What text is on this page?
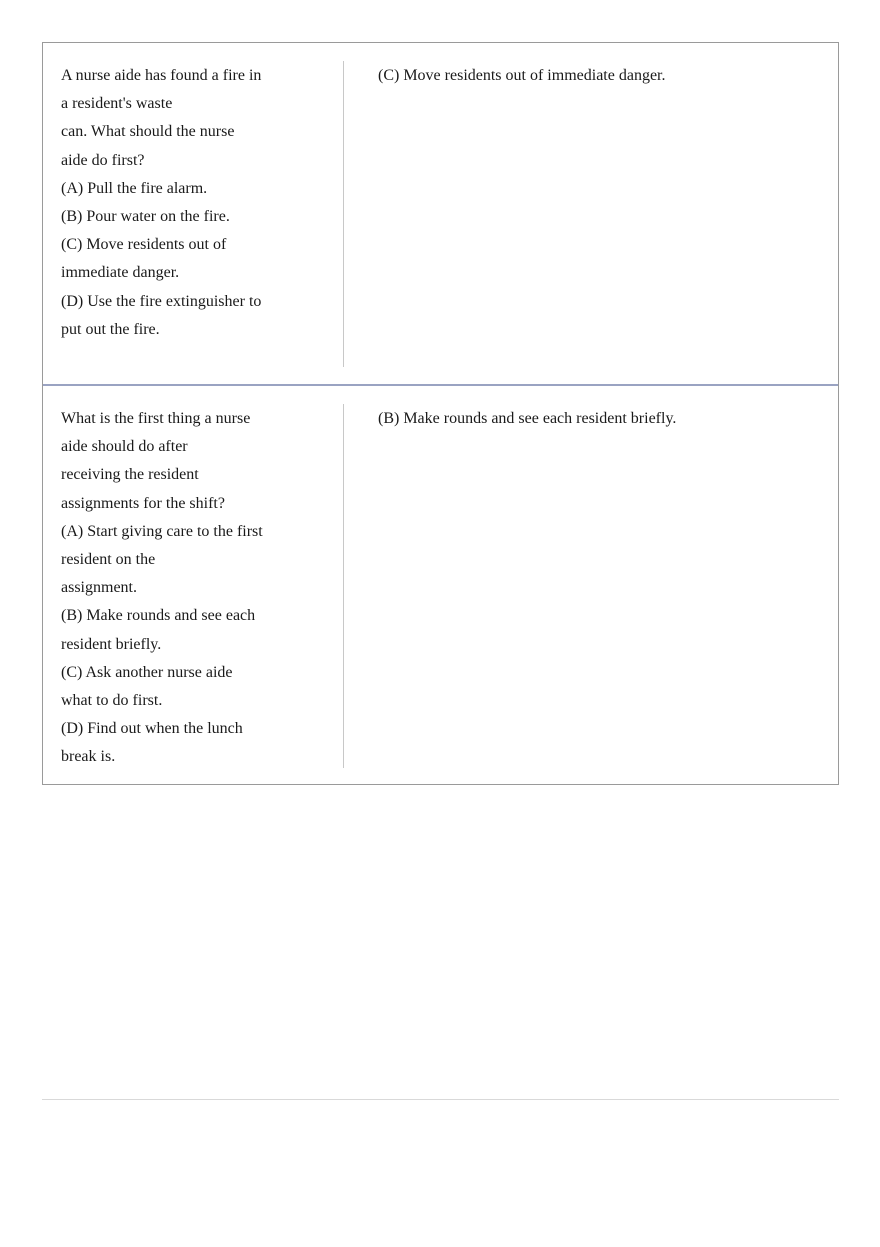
A nurse aide has found a fire in
a resident's waste
can. What should the nurse
aide do first?
(A) Pull the fire alarm.
(B) Pour water on the fire.
(C) Move residents out of
immediate danger.
(D) Use the fire extinguisher to
put out the fire.

(C) Move residents out of immediate danger.

What is the first thing a nurse
aide should do after
receiving the resident
assignments for the shift?
(A) Start giving care to the first
resident on the
assignment.
(B) Make rounds and see each
resident briefly.
(C) Ask another nurse aide
what to do first.
(D) Find out when the lunch
break is.

(B) Make rounds and see each resident briefly.
